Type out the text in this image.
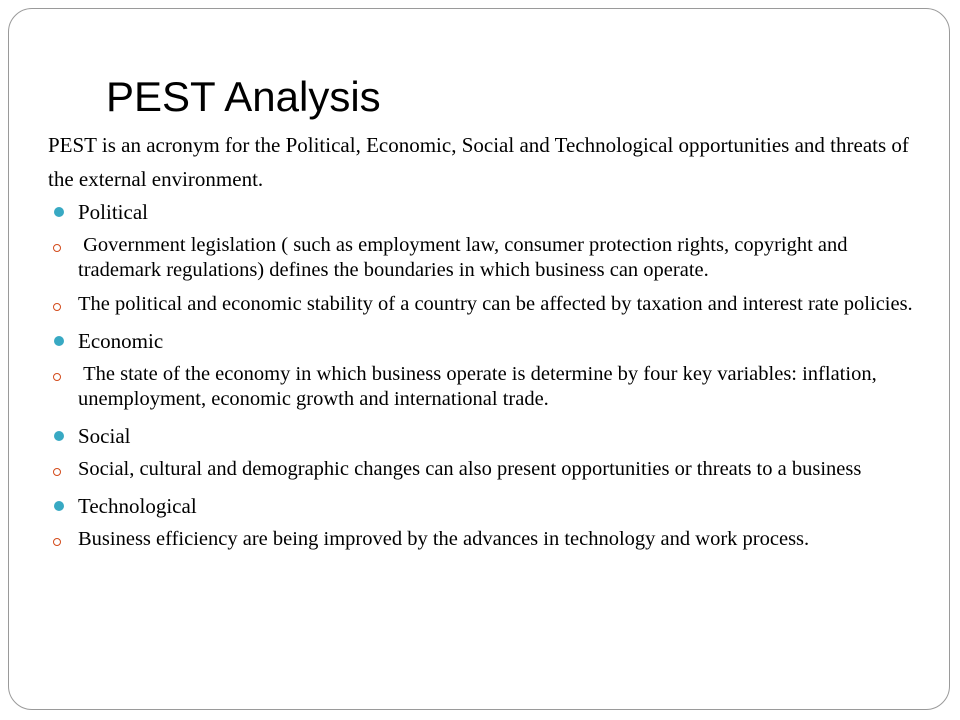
PEST Analysis

PEST is an acronym for the Political, Economic, Social and Technological opportunities and threats of the external environment.

Political
Government legislation ( such as employment law, consumer protection rights, copyright and trademark regulations) defines the boundaries in which business can operate.
The political and economic stability of a country can be affected by taxation and interest rate policies.
Economic
The state of the economy in which business operate is determine by four key variables: inflation, unemployment, economic growth and international trade.
Social
Social, cultural and demographic changes can also present opportunities or threats to a business
Technological
Business efficiency are being improved by the advances in technology and work process.
